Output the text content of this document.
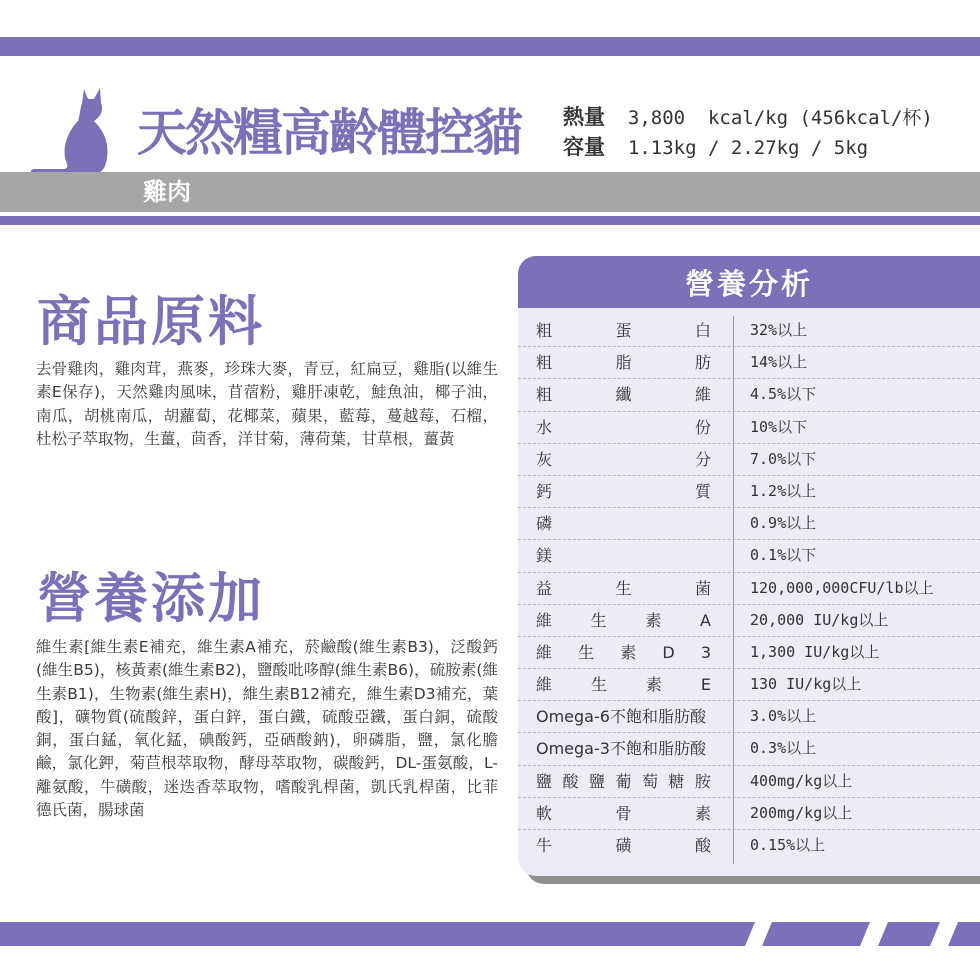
天然糧高齡體控貓 熱量 3,800  kcal/kg (456kcal/杯)
容量 1.13kg / 2.27kg / 5kg
雞肉
商品原料
去骨雞肉，雞肉茸，燕麥，珍珠大麥，青豆，紅扁豆，雞脂(以維生素E保存)，天然雞肉風味，苜蓿粉，雞肝凍乾，鮭魚油，椰子油，南瓜，胡桃南瓜，胡蘿蔔，花椰菜，蘋果，藍莓，蔓越莓，石榴，杜松子萃取物，生薑，茴香，洋甘菊，薄荷葉，甘草根，薑黃
營養添加
維生素[維生素E補充，維生素A補充，菸鹼酸(維生素B3)，泛酸鈣(維生B5)，核黃素(維生素B2)，鹽酸吡哆醇(維生素B6)，硫胺素(維生素B1)，生物素(維生素H)，維生素B12補充，維生素D3補充，葉酸]，礦物質(硫酸鋅，蛋白鋅，蛋白鐵，硫酸亞鐵，蛋白銅，硫酸銅，蛋白錳，氧化錳，碘酸鈣，亞硒酸鈉)，卵磷脂，鹽，氯化膽鹼，氯化鉀，菊苣根萃取物，酵母萃取物，碳酸鈣，DL-蛋氨酸，L-離氨酸，牛磺酸，迷迭香萃取物，嗜酸乳桿菌，凱氏乳桿菌，比菲德氏菌，腸球菌
營養分析
粗	蛋	白	32%以上
粗	脂	肪	14%以上
粗	纖	維	4.5%以下
水	份	10%以下
灰	分	7.0%以下
鈣	質	1.2%以上
磷	0.9%以上
鎂	0.1%以下
益	生	菌	120,000,000CFU/lb以上
維 生 素 A	20,000 IU/kg以上
維 生 素 D 3	1,300 IU/kg以上
維 生 素 E	130 IU/kg以上
Omega-6不飽和脂肪酸	3.0%以上
Omega-3不飽和脂肪酸	0.3%以上
鹽 酸 鹽 葡 萄 糖 胺	400mg/kg以上
軟	骨	素	200mg/kg以上
牛	磺	酸	0.15%以上
